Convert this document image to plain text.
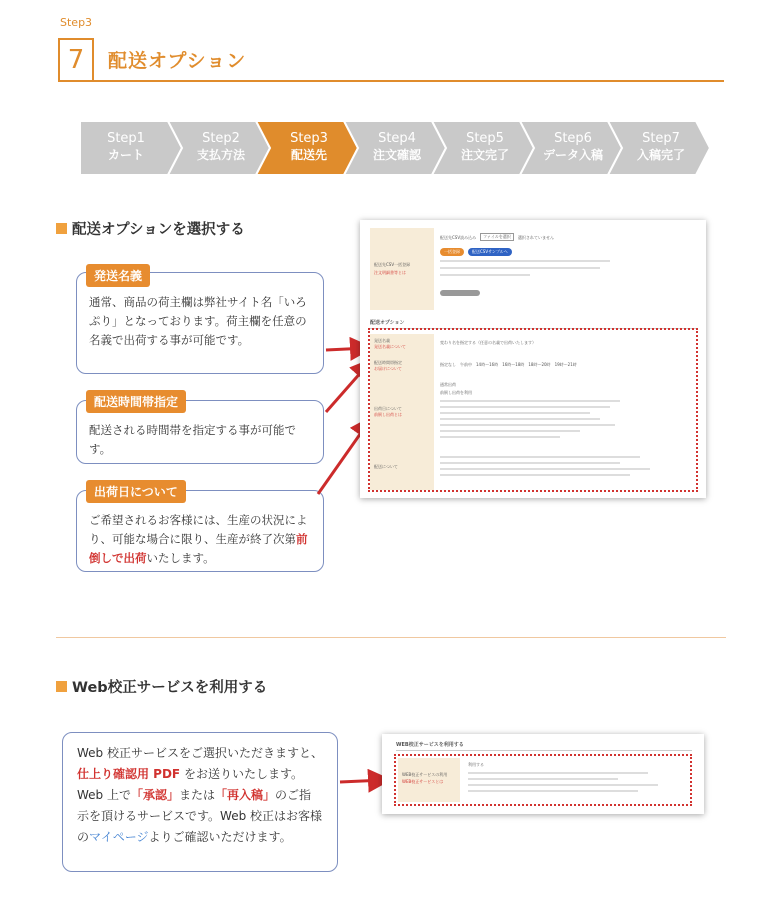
Step3
7	配送オプション
Step1
カート
Step2
支払方法
Step3
配送先
Step4
注文確認
Step5
注文完了
Step6
データ入稿
Step7
入稿完了
配送オプションを選択する
通常、商品の荷主欄は弊社サイト名「いろぷり」となっております。荷主欄を任意の名義で出荷する事が可能です。
発送名義
配送される時間帯を指定する事が可能です。
配送時間帯指定
ご希望されるお客様には、生産の状況により、可能な場合に限り、生産が終了次第前倒しで出荷いたします。
出荷日について
配送先CSV一括登録
注文明細書等とは
配送先CSV読み込み	ファイルを選択	選択されていません
一括登録	配送CSVサンプルへ
配送オプション
発送名義
発送名義について
変わり名を指定する（任意の名義で出荷いたします）
配送時間帯指定
お届けについて
指定なし　 午前中　 14時〜16時　 16時〜18時　 18時〜20時　 19時〜21時
出荷日について
前倒し出荷とは
通常出荷
前倒し出荷を利用
配送について
Web校正サービスを利用する
Web 校正サービスをご選択いただきますと、仕上り確認用 PDF をお送りいたします。Web 上で「承認」または「再入稿」のご指示を頂けるサービスです。Web 校正はお客様のマイページよりご確認いただけます。
WEB校正サービスを利用する
WEB校正サービスの利用
WEB校正サービスとは
利用する
